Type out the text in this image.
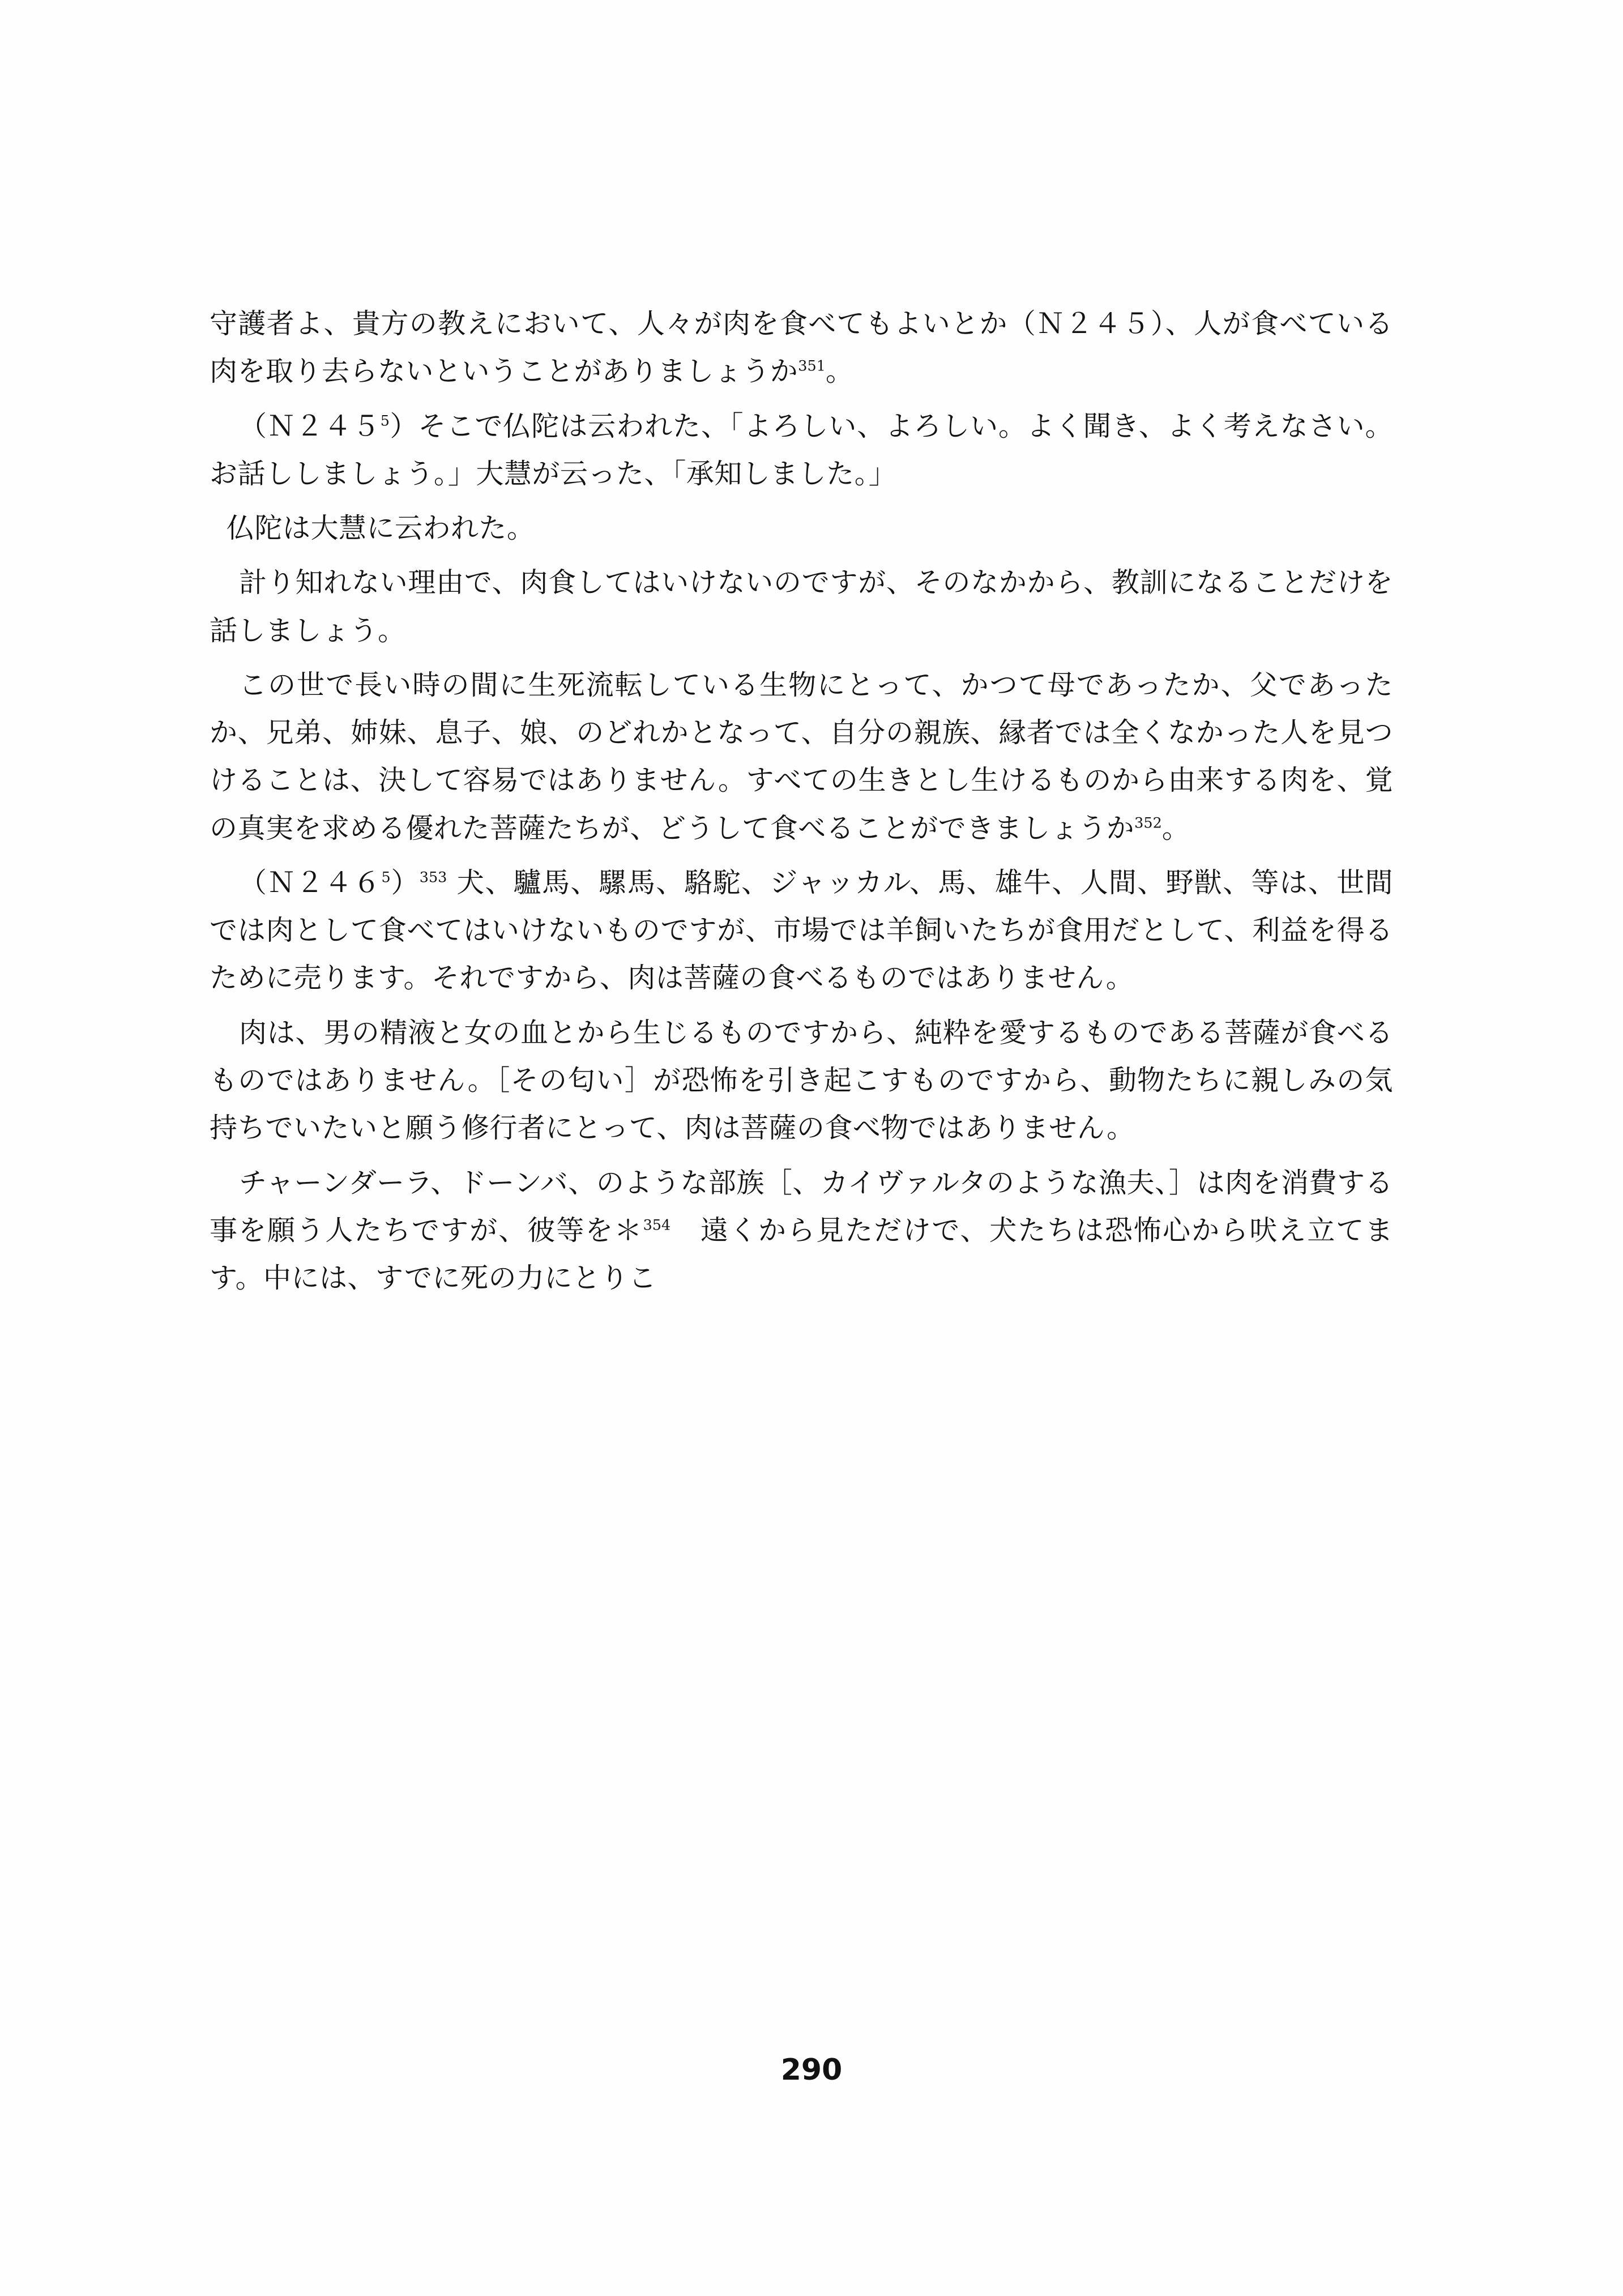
守護者よ、貴方の教えにおいて、人々が肉を食べてもよいとか（Ｎ２４５）、人が食べている肉を取り去らないということがありましょうか$^{351}$。

$(N245^5)$そこで仏陀は云われた、「よろしい、よろしい。よく聞き、よく考えなさい。お話ししましょう。」大慧が云った、「承知しました。」

仏陀は大慧に云われた。

計り知れない理由で、肉食してはいけないのですが、そのなかから、教訓になることだけを話しましょう。

この世で長い時の間に生死流転している生物にとって、かつて母であったか、父であったか、兄弟、姉妹、息子、娘、のどれかとなって、自分の親族、縁者では全くなかった人を見つけることは、決して容易ではありません。すべての生きとし生けるものから由来する肉を、覚の真実を求める優れた菩薩たちが、どうして食べることができましょうか$^{352}$。

$(N246^5)^{353}$ 犬、驢馬、騾馬、駱駝、ジャッカル、馬、雄牛、人間、野獣、等は、世間では肉として食べてはいけないものですが、市場では羊飼いたちが食用だとして、利益を得るために売ります。それですから、肉は菩薩の食べるものではありません。

肉は、男の精液と女の血とから生じるものですから、純粋を愛するものである菩薩が食べるものではありません。［その匂い］が恐怖を引き起こすものですから、動物たちに親しみの気持ちでいたいと願う修行者にとって、肉は菩薩の食べ物ではありません。

チャーンダーラ、ドーンバ、のような部族［、カイヴァルタのような漁夫、］は肉を消費する事を願う人たちですが、彼等を＊$^{354}$　遠くから見ただけで、犬たちは恐怖心から吠え立てます。中には、すでに死の力にとりこ

290
